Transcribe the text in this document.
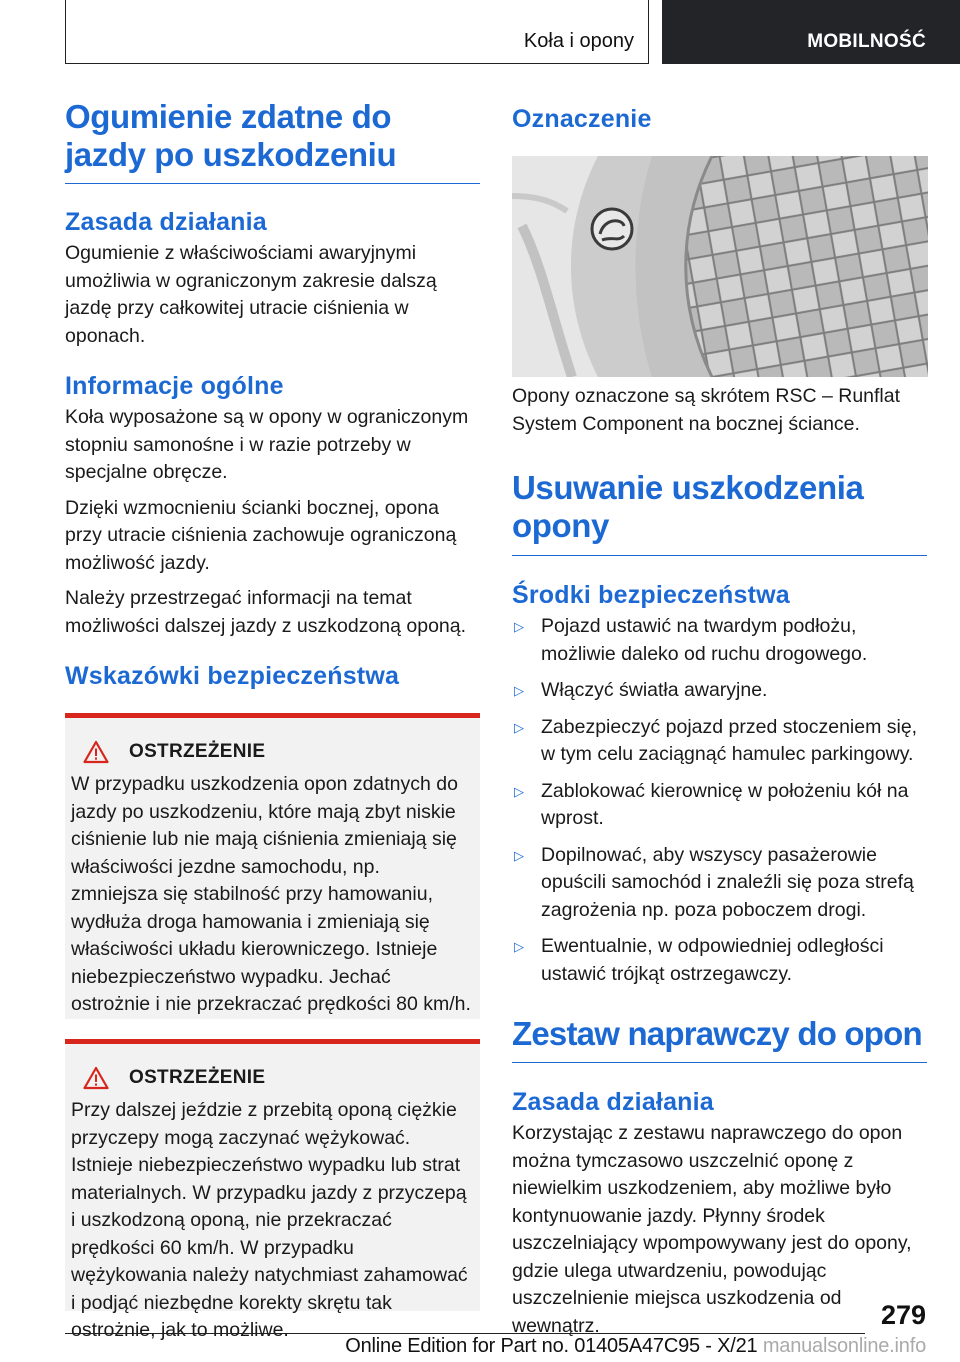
Koła i opony	MOBILNOŚĆ
Ogumienie zdatne do jazdy po uszkodzeniu
Zasada działania

Ogumienie z właściwościami awaryjnymi umożliwia w ograniczonym zakresie dalszą jazdę przy całkowitej utracie ciśnienia w oponach.

Informacje ogólne

Koła wyposażone są w opony w ograniczonym stopniu samonośne i w razie potrzeby w specjalne obręcze.

Dzięki wzmocnieniu ścianki bocznej, opona przy utracie ciśnienia zachowuje ograniczoną możliwość jazdy.

Należy przestrzegać informacji na temat możliwości dalszej jazdy z uszkodzoną oponą.

Wskazówki bezpieczeństwa
OSTRZEŻENIE

W przypadku uszkodzenia opon zdatnych do jazdy po uszkodzeniu, które mają zbyt niskie ciśnienie lub nie mają ciśnienia zmieniają się właściwości jezdne samochodu, np. zmniejsza się stabilność przy hamowaniu, wydłuża droga hamowania i zmieniają się właściwości układu kierowniczego. Istnieje niebezpieczeństwo wypadku. Jechać ostrożnie i nie przekraczać prędkości 80 km/h.

OSTRZEŻENIE

Przy dalszej jeździe z przebitą oponą ciężkie przyczepy mogą zaczynać wężykować. Istnieje niebezpieczeństwo wypadku lub strat materialnych. W przypadku jazdy z przyczepą i uszkodzoną oponą, nie przekraczać prędkości 60 km/h. W przypadku wężykowania należy natychmiast zahamować i podjąć niezbędne korekty skrętu tak ostrożnie, jak to możliwe.

Oznaczenie

Opony oznaczone są skrótem RSC – Runflat System Component na bocznej ściance.

Usuwanie uszkodzenia opony
Środki bezpieczeństwa
▷ Pojazd ustawić na twardym podłożu, możliwie daleko od ruchu drogowego.
▷ Włączyć światła awaryjne.
▷ Zabezpieczyć pojazd przed stoczeniem się, w tym celu zaciągnąć hamulec parkingowy.
▷ Zablokować kierownicę w położeniu kół na wprost.
▷ Dopilnować, aby wszyscy pasażerowie opuścili samochód i znaleźli się poza strefą zagrożenia np. poza poboczem drogi.
▷ Ewentualnie, w odpowiedniej odległości ustawić trójkąt ostrzegawczy.
Zestaw naprawczy do opon
Zasada działania

Korzystając z zestawu naprawczego do opon można tymczasowo uszczelnić oponę z niewielkim uszkodzeniem, aby możliwe było kontynuowanie jazdy. Płynny środek uszczelniający wpompowywany jest do opony, gdzie ulega utwardzeniu, powodując uszczelnienie miejsca uszkodzenia od wewnątrz.	279
Online Edition for Part no. 01405A47C95 - X/21 manualsonline.info
